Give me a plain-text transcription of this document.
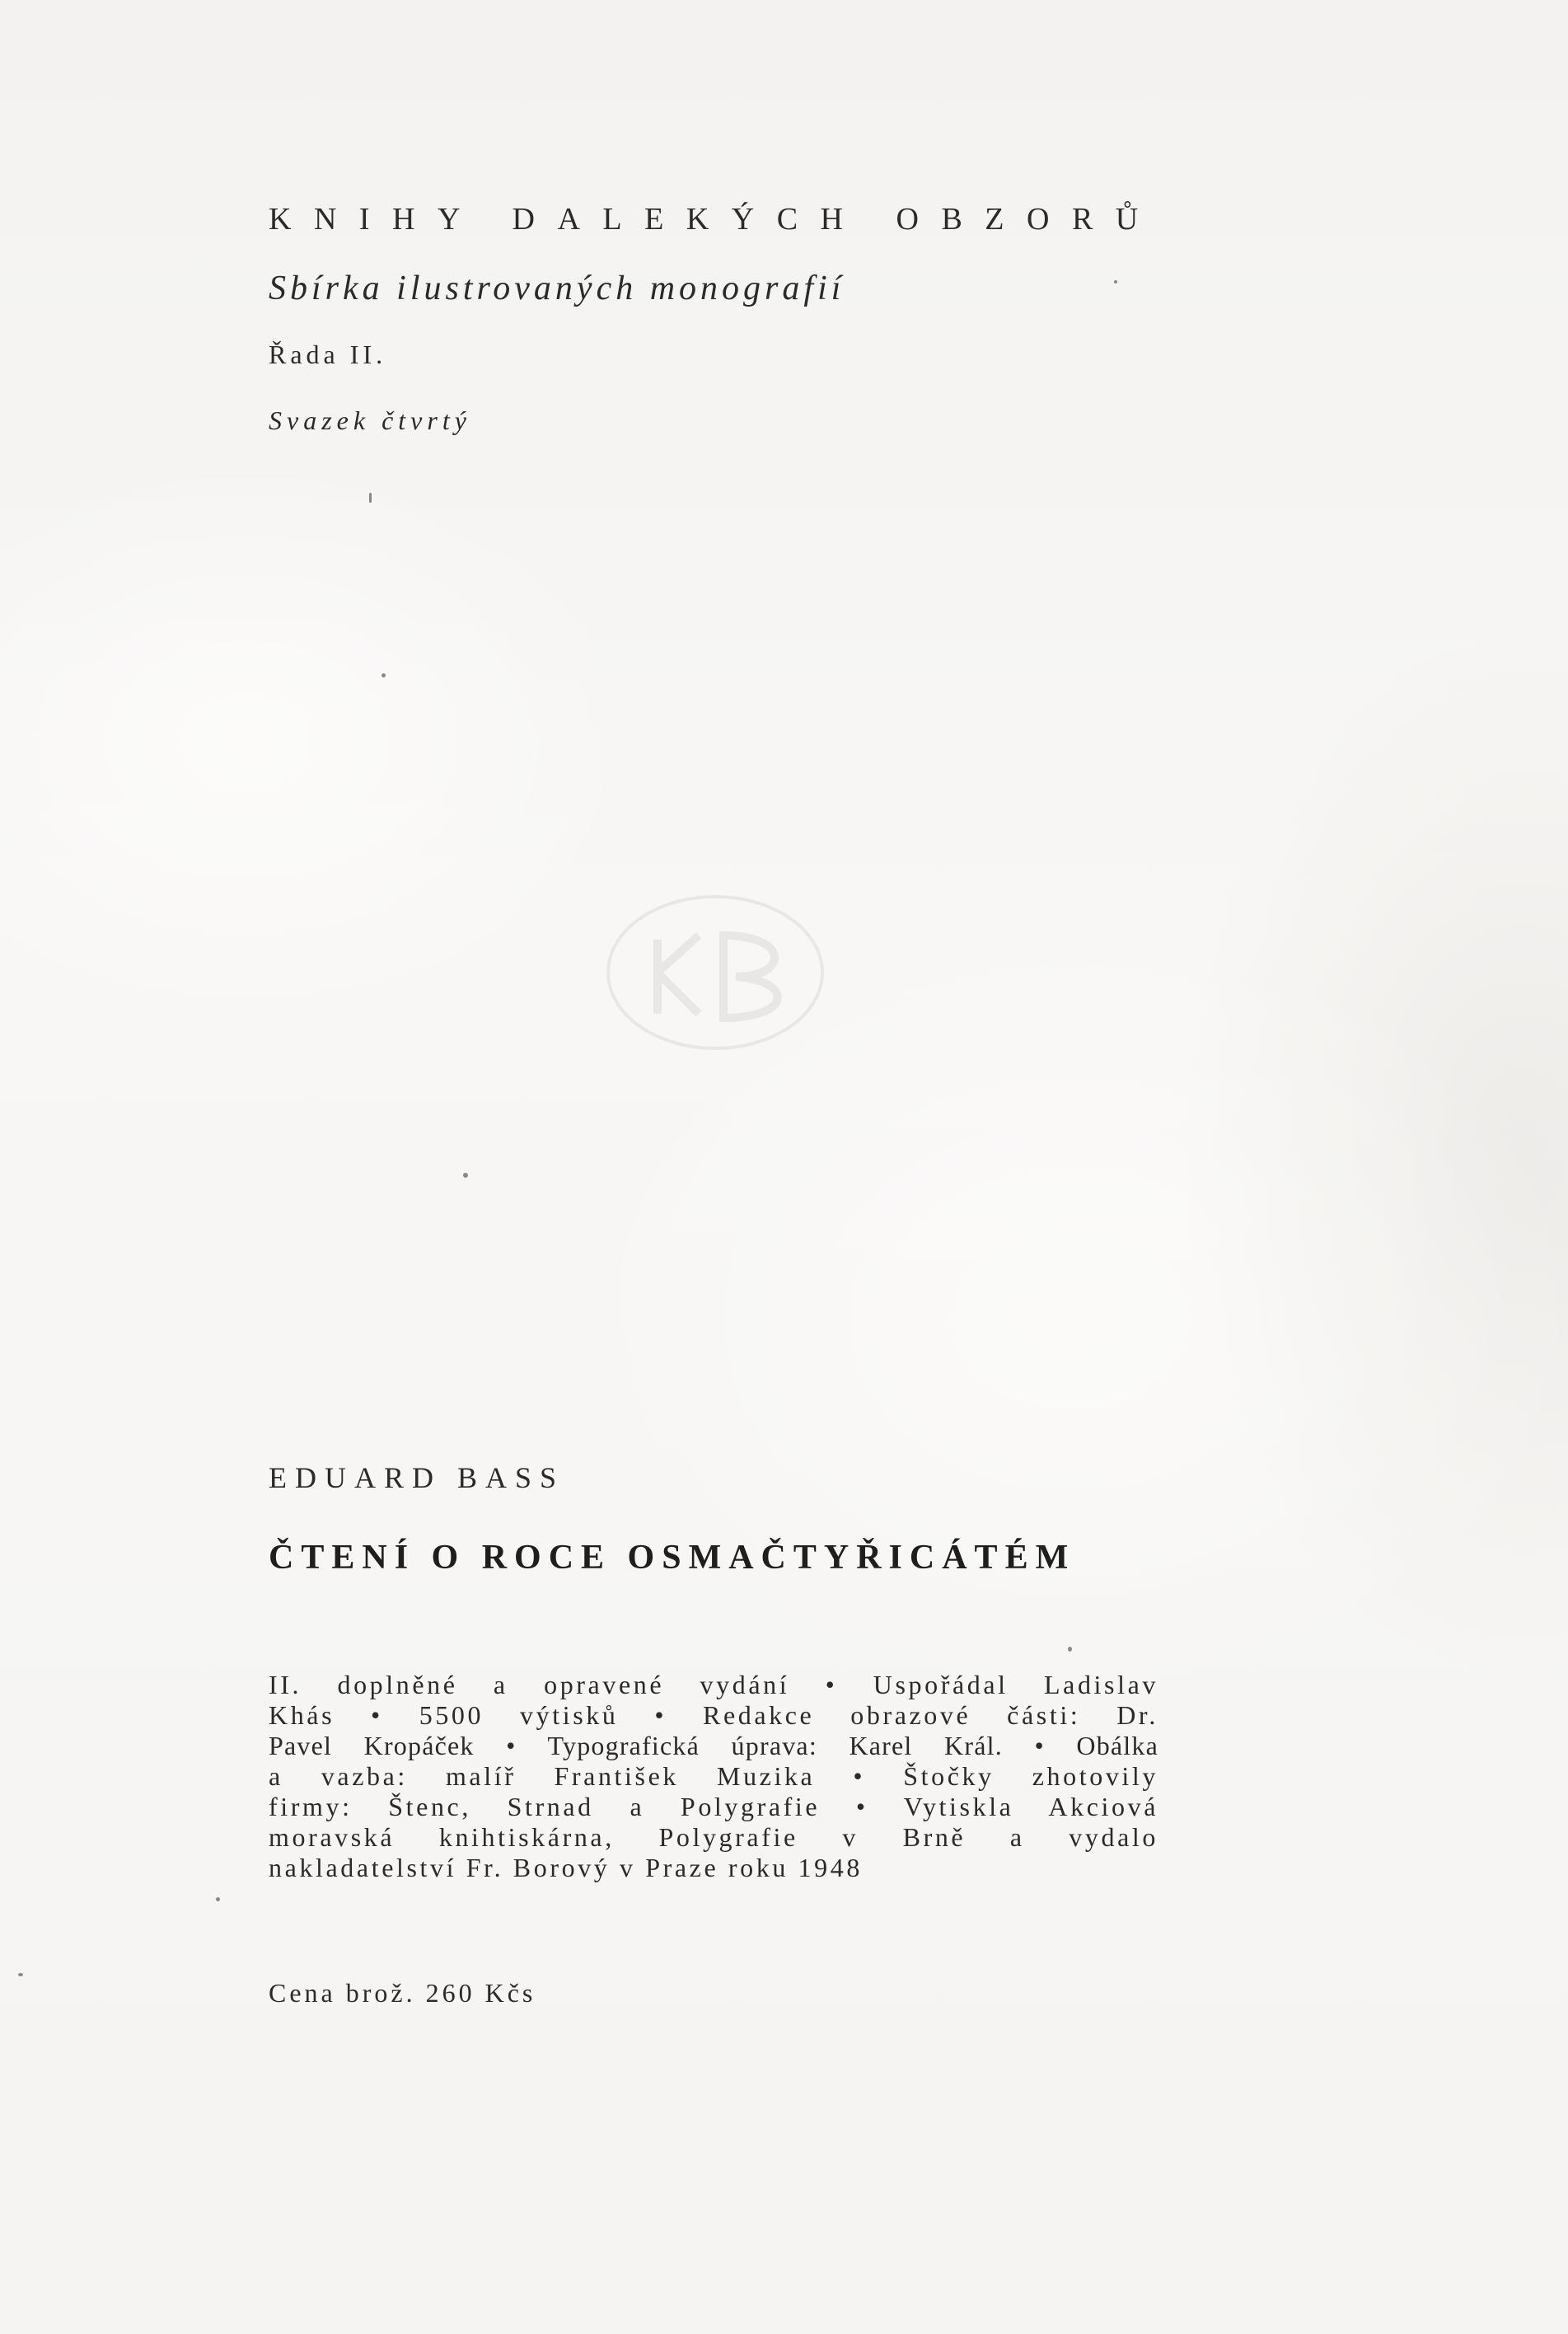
KNIHY DALEKÝCH OBZORŮ

Sbírka ilustrovaných monografií

Řada II.

Svazek čtvrtý

EDUARD BASS

ČTENÍ O ROCE OSMAČTYŘICÁTÉM

II. doplněné a opravené vydání • Uspořádal Ladislav
Khás • 5500 výtisků • Redakce obrazové části: Dr.
Pavel Kropáček • Typografická úprava: Karel Král. • Obálka
a vazba: malíř František Muzika • Štočky zhotovily
firmy: Štenc, Strnad a Polygrafie • Vytiskla Akciová
moravská knihtiskárna, Polygrafie v Brně a vydalo
nakladatelství Fr. Borový v Praze roku 1948

Cena brož. 260 Kčs
